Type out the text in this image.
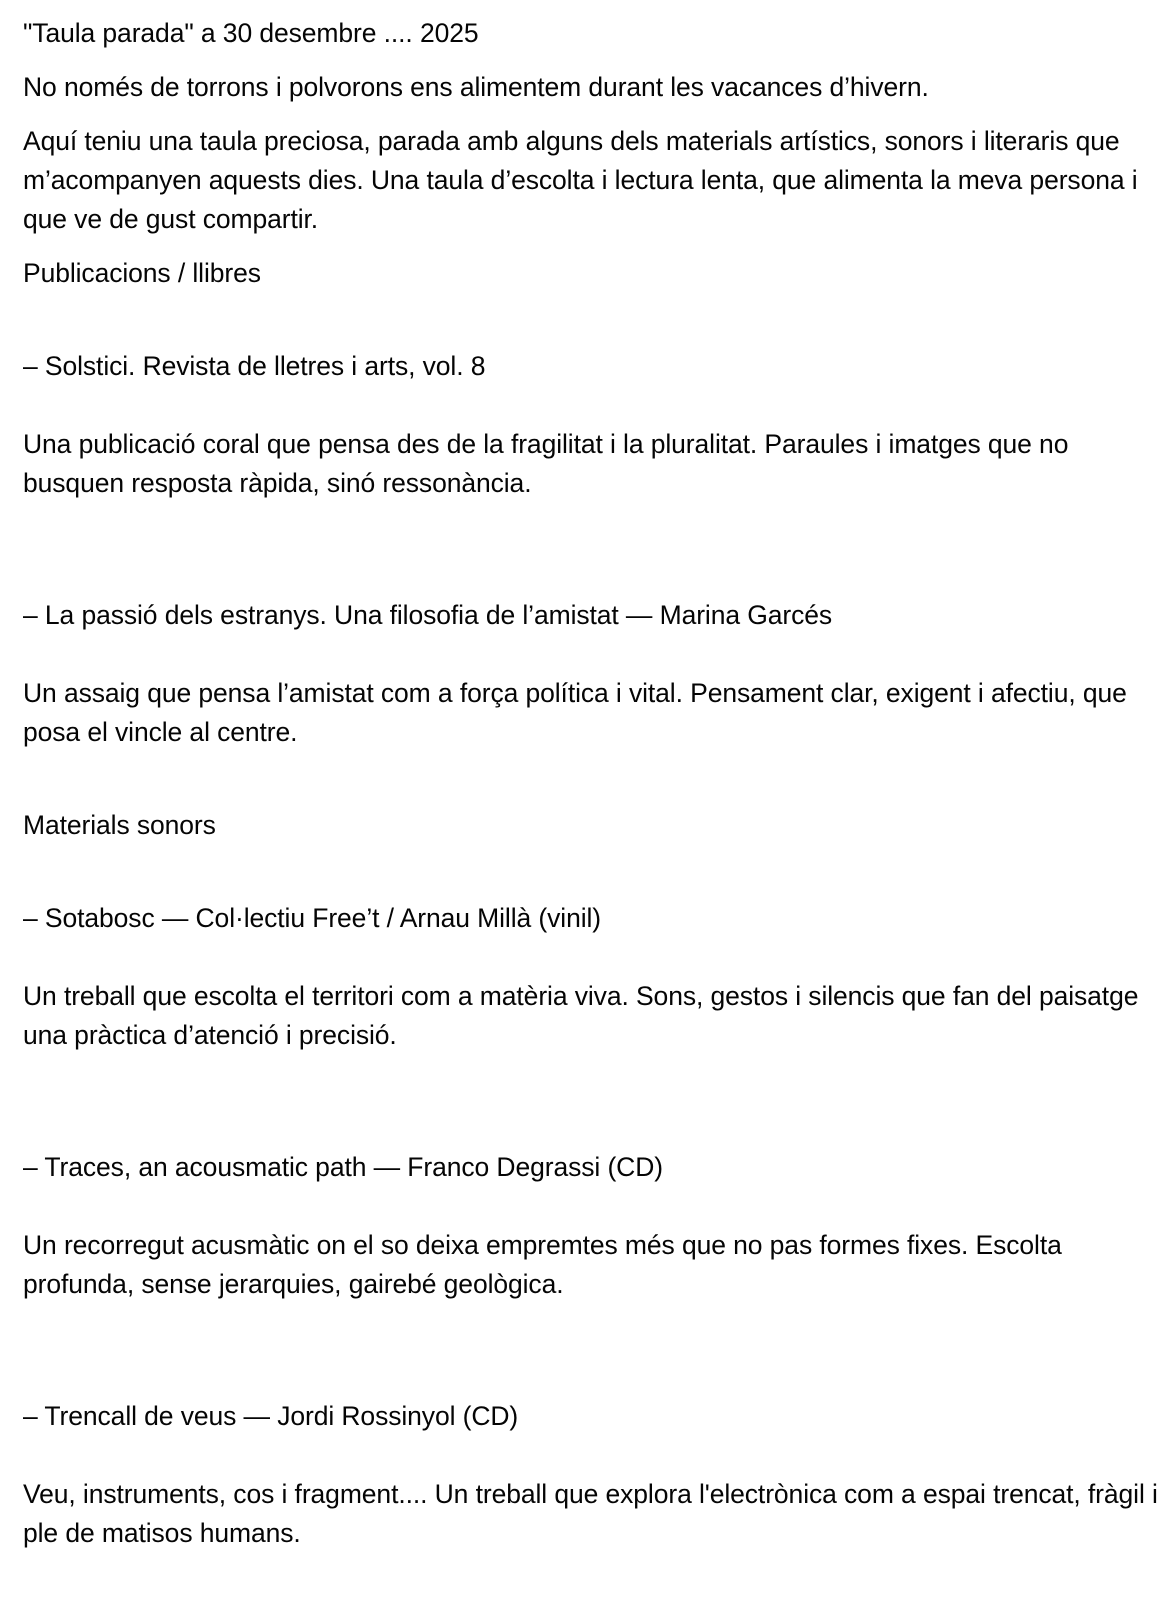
"Taula parada" a 30 desembre .... 2025

No només de torrons i polvorons ens alimentem durant les vacances d’hivern.

Aquí teniu una taula preciosa, parada amb alguns dels materials artístics, sonors i literaris que m’acompanyen aquests dies. Una taula d’escolta i lectura lenta, que alimenta la meva persona i que ve de gust compartir.

Publicacions / llibres

– Solstici. Revista de lletres i arts, vol. 8

Una publicació coral que pensa des de la fragilitat i la pluralitat. Paraules i imatges que no busquen resposta ràpida, sinó ressonància.

– La passió dels estranys. Una filosofia de l’amistat — Marina Garcés

Un assaig que pensa l’amistat com a força política i vital. Pensament clar, exigent i afectiu, que posa el vincle al centre.

Materials sonors

– Sotabosc — Col·lectiu Free’t / Arnau Millà (vinil)

Un treball que escolta el territori com a matèria viva. Sons, gestos i silencis que fan del paisatge una pràctica d’atenció i precisió.

– Traces, an acousmatic path — Franco Degrassi (CD)

Un recorregut acusmàtic on el so deixa empremtes més que no pas formes fixes. Escolta profunda, sense jerarquies, gairebé geològica.

– Trencall de veus — Jordi Rossinyol (CD)

Veu, instruments, cos i fragment.... Un treball que explora l'electrònica com a espai trencat, fràgil i ple de matisos humans.
